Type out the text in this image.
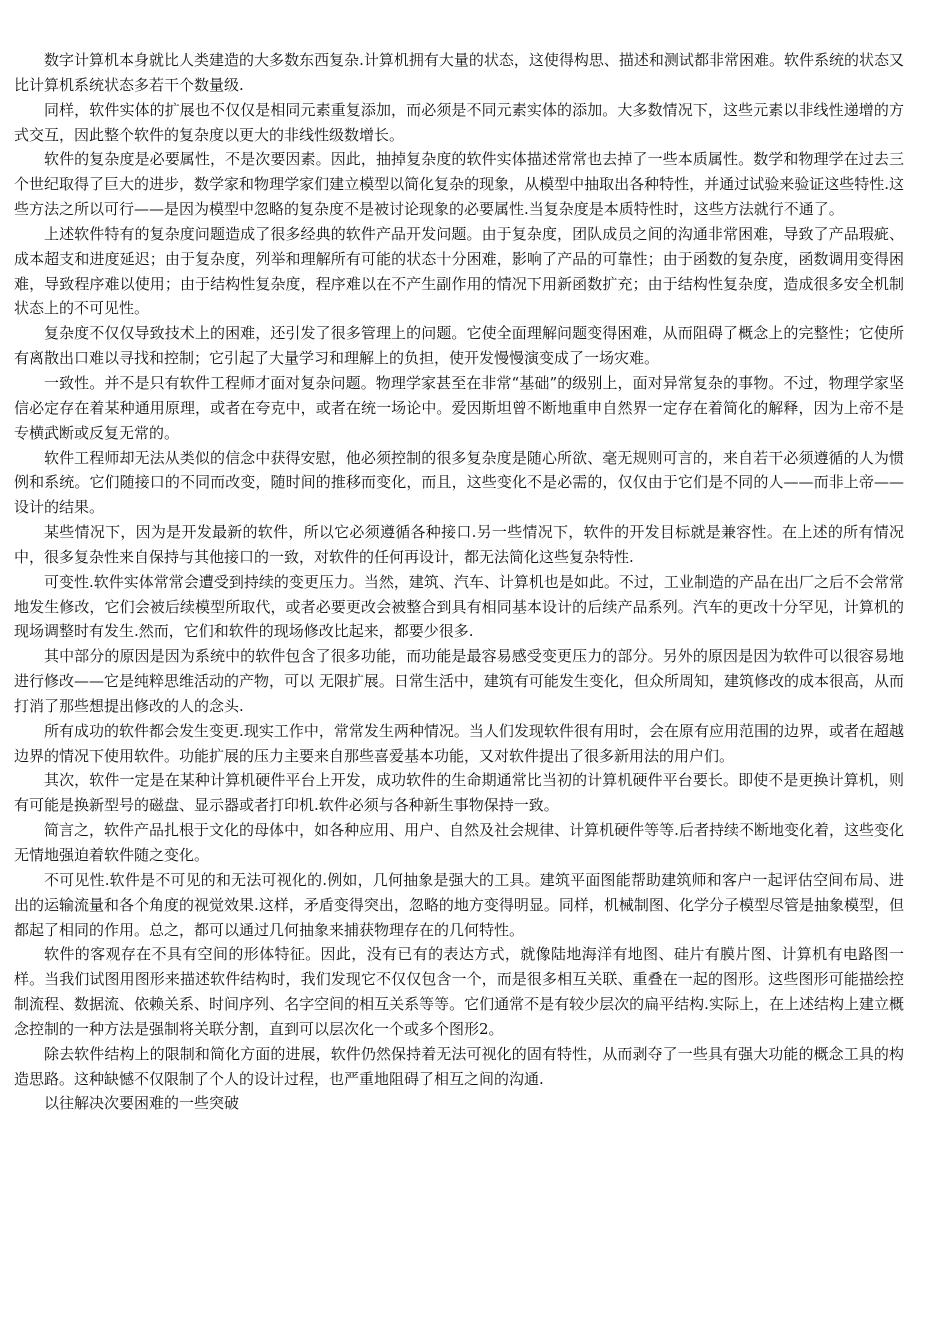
数字计算机本身就比人类建造的大多数东西复杂.计算机拥有大量的状态，这使得构思、描述和测试都非常困难。软件系统的状态又比计算机系统状态多若干个数量级.

同样，软件实体的扩展也不仅仅是相同元素重复添加，而必须是不同元素实体的添加。大多数情况下，这些元素以非线性递增的方式交互，因此整个软件的复杂度以更大的非线性级数增长。

软件的复杂度是必要属性，不是次要因素。因此，抽掉复杂度的软件实体描述常常也去掉了一些本质属性。数学和物理学在过去三个世纪取得了巨大的进步，数学家和物理学家们建立模型以简化复杂的现象，从模型中抽取出各种特性，并通过试验来验证这些特性.这 些方法之所以可行——是因为模型中忽略的复杂度不是被讨论现象的必要属性.当复杂度是本质特性时，这些方法就行不通了。

上述软件特有的复杂度问题造成了很多经典的软件产品开发问题。由于复杂度，团队成员之间的沟通非常困难，导致了产品瑕疵、成本超支和进度延迟；由于复杂度，列举和理解所有可能的状态十分困难，影响了产品的可靠性；由于函数的复杂度，函数调用变得困难，导致程序难以使用；由于结构性复杂度，程序难以在不产生副作用的情况下用新函数扩充；由于结构性复杂度，造成很多安全机制状态上的不可见性。

复杂度不仅仅导致技术上的困难，还引发了很多管理上的问题。它使全面理解问题变得困难，从而阻碍了概念上的完整性；它使所有离散出口难以寻找和控制；它引起了大量学习和理解上的负担，使开发慢慢演变成了一场灾难。

一致性。并不是只有软件工程师才面对复杂问题。物理学家甚至在非常“基础”的级别上，面对异常复杂的事物。不过，物理学家坚信必定存在着某种通用原理，或者在夸克中，或者在统一场论中。爱因斯坦曾不断地重申自然界一定存在着简化的解释，因为上帝不是专横武断或反复无常的。

软件工程师却无法从类似的信念中获得安慰，他必须控制的很多复杂度是随心所欲、毫无规则可言的，来自若干必须遵循的人为惯例和系统。它们随接口的不同而改变，随时间的推移而变化，而且，这些变化不是必需的，仅仅由于它们是不同的人——而非上帝——设计的结果。

某些情况下，因为是开发最新的软件，所以它必须遵循各种接口.另一些情况下，软件的开发目标就是兼容性。在上述的所有情况中，很多复杂性来自保持与其他接口的一致，对软件的任何再设计，都无法简化这些复杂特性.

可变性.软件实体常常会遭受到持续的变更压力。当然，建筑、汽车、计算机也是如此。不过，工业制造的产品在出厂之后不会常常地发生修改，它们会被后续模型所取代，或者必要更改会被整合到具有相同基本设计的后续产品系列。汽车的更改十分罕见，计算机的现场调整时有发生.然而，它们和软件的现场修改比起来，都要少很多.

其中部分的原因是因为系统中的软件包含了很多功能，而功能是最容易感受变更压力的部分。另外的原因是因为软件可以很容易地进行修改——它是纯粹思维活动的产物，可以 无限扩展。日常生活中，建筑有可能发生变化，但众所周知，建筑修改的成本很高，从而打消了那些想提出修改的人的念头.

所有成功的软件都会发生变更.现实工作中，常常发生两种情况。当人们发现软件很有用时，会在原有应用范围的边界，或者在超越边界的情况下使用软件。功能扩展的压力主要来自那些喜爱基本功能，又对软件提出了很多新用法的用户们。

其次，软件一定是在某种计算机硬件平台上开发，成功软件的生命期通常比当初的计算机硬件平台要长。即使不是更换计算机，则有可能是换新型号的磁盘、显示器或者打印机.软件必须与各种新生事物保持一致。

简言之，软件产品扎根于文化的母体中，如各种应用、用户、自然及社会规律、计算机硬件等等.后者持续不断地变化着，这些变化无情地强迫着软件随之变化。

不可见性.软件是不可见的和无法可视化的.例如，几何抽象是强大的工具。建筑平面图能帮助建筑师和客户一起评估空间布局、进出的运输流量和各个角度的视觉效果.这样，矛盾变得突出，忽略的地方变得明显。同样，机械制图、化学分子模型尽管是抽象模型，但都起了相同的作用。总之，都可以通过几何抽象来捕获物理存在的几何特性。

软件的客观存在不具有空间的形体特征。因此，没有已有的表达方式，就像陆地海洋有地图、硅片有膜片图、计算机有电路图一样。当我们试图用图形来描述软件结构时，我们发现它不仅仅包含一个，而是很多相互关联、重叠在一起的图形。这些图形可能描绘控制流程、数据流、依赖关系、时间序列、名字空间的相互关系等等。它们通常不是有较少层次的扁平结构.实际上，在上述结构上建立概念控制的一种方法是强制将关联分割，直到可以层次化一个或多个图形2。

除去软件结构上的限制和简化方面的进展，软件仍然保持着无法可视化的固有特性，从而剥夺了一些具有强大功能的概念工具的构造思路。这种缺憾不仅限制了个人的设计过程，也严重地阻碍了相互之间的沟通.

以往解决次要困难的一些突破
